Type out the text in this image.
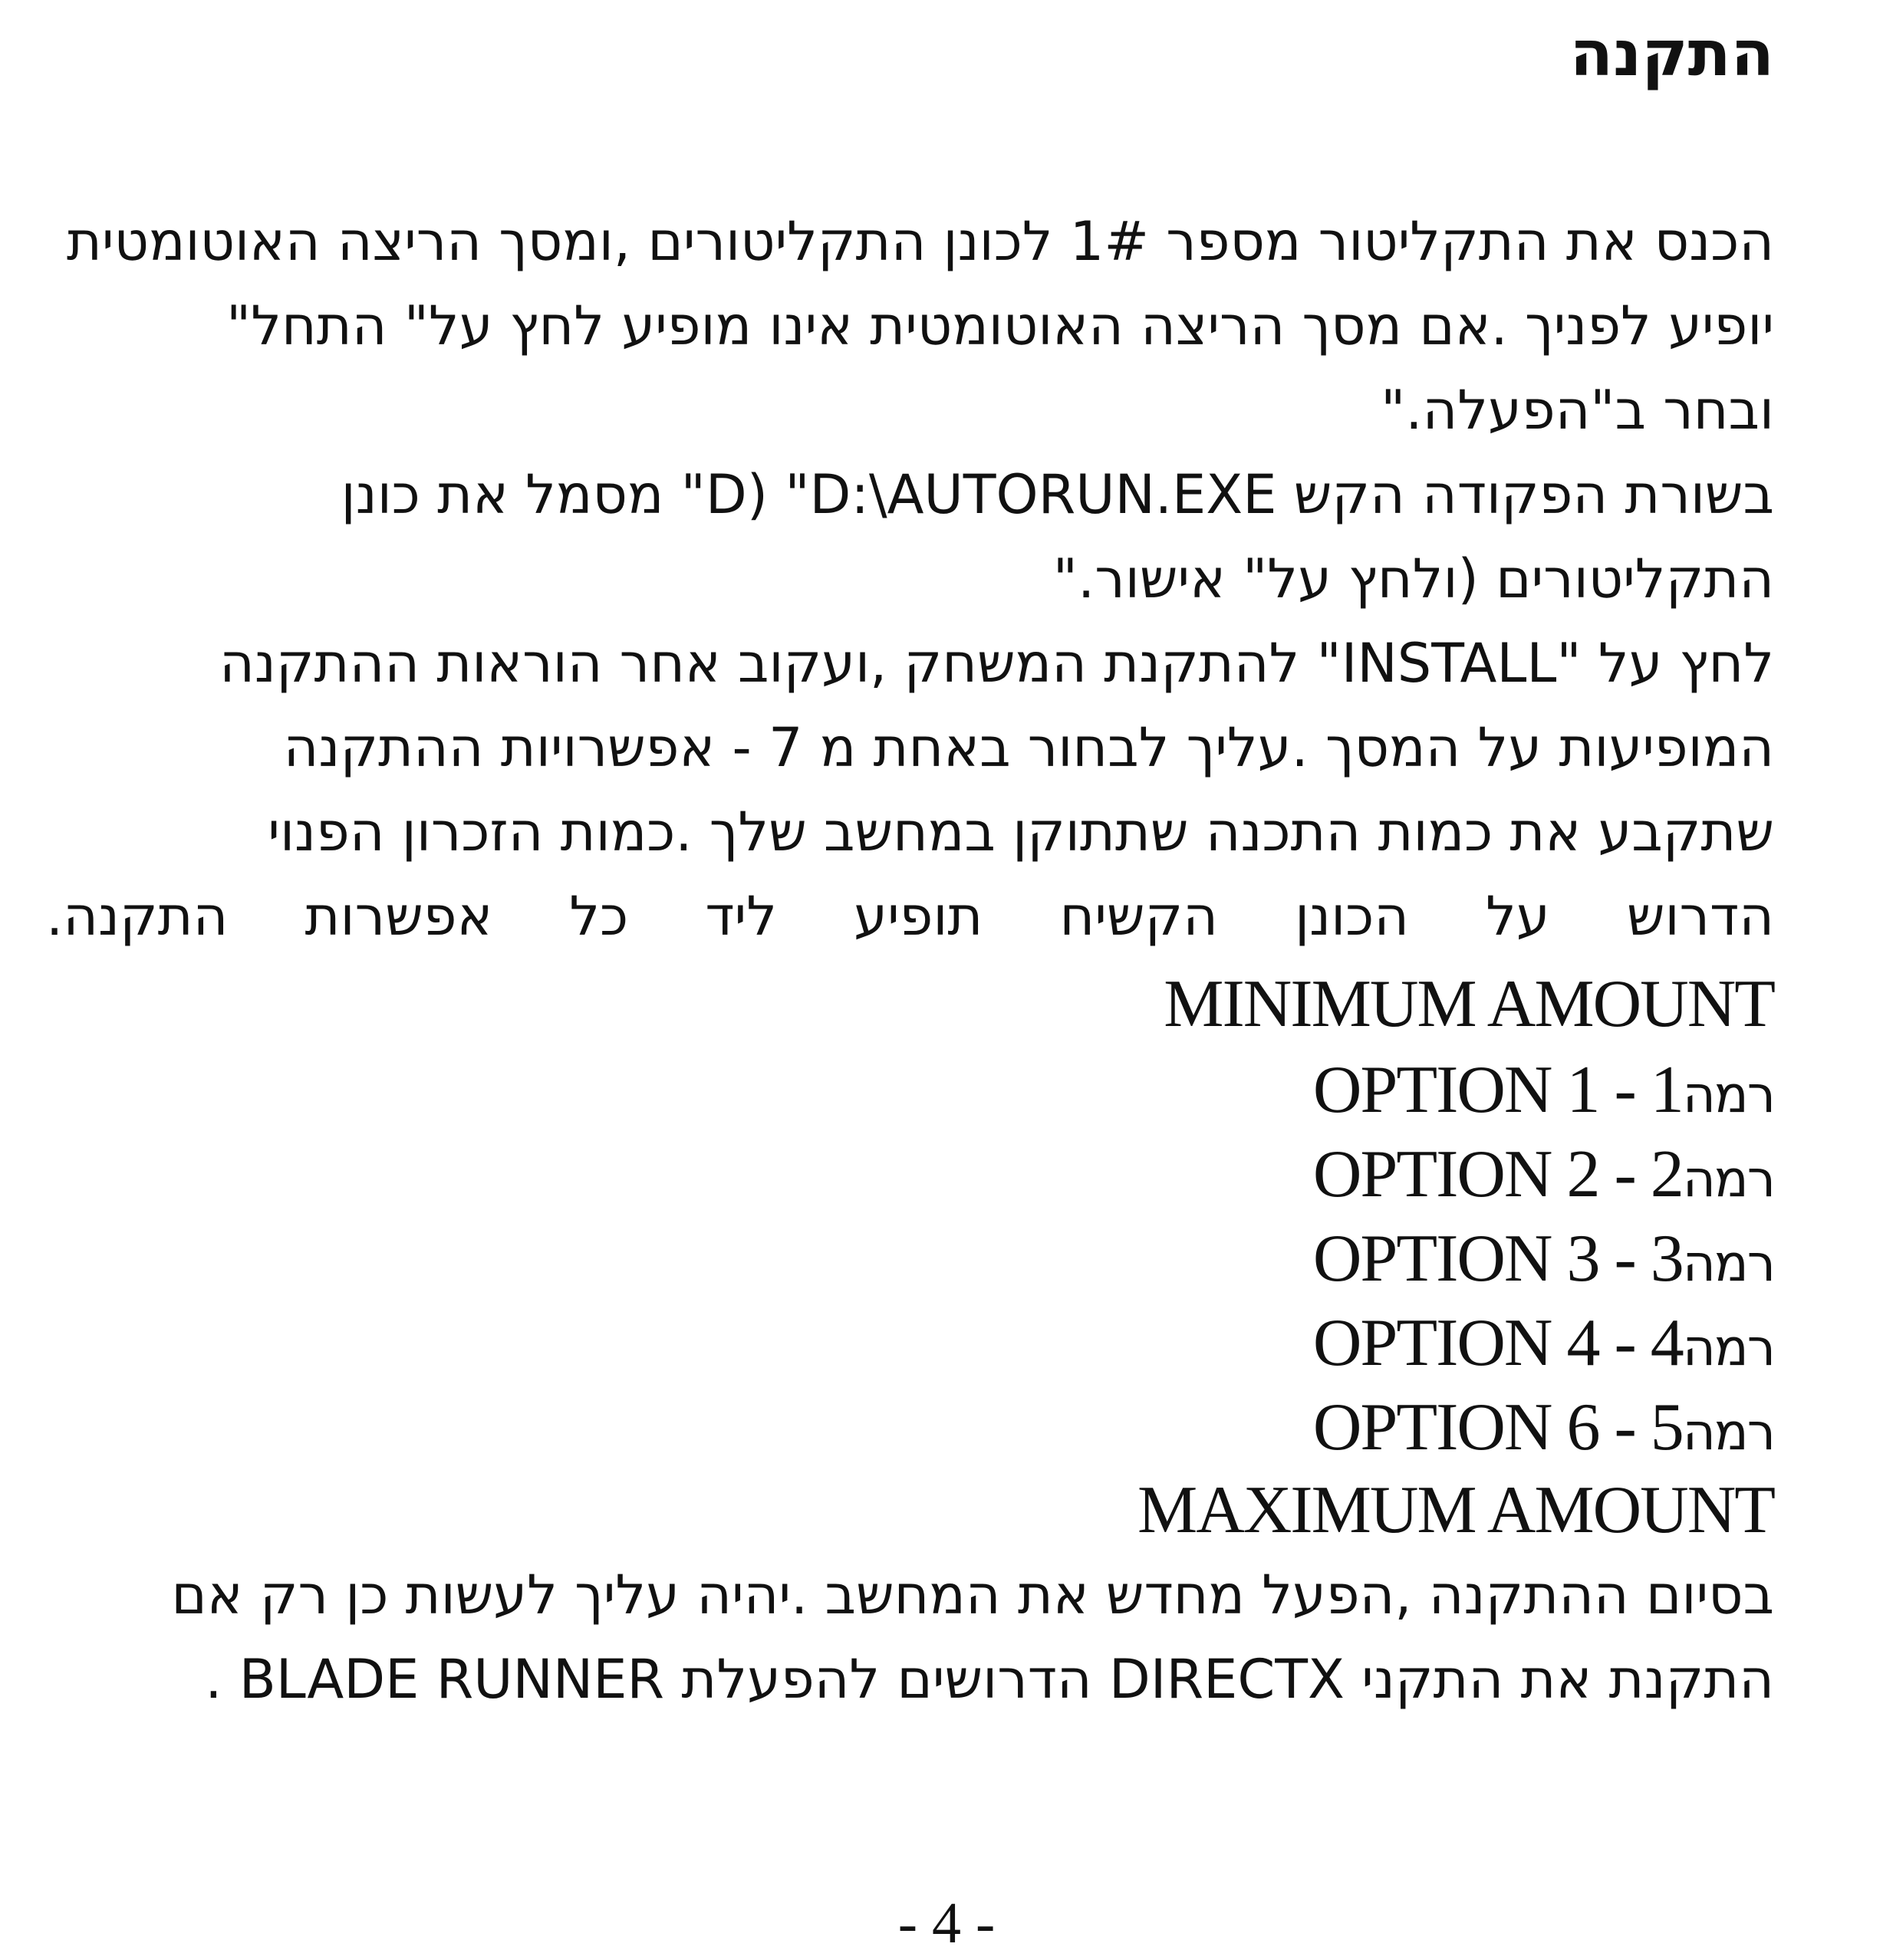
התקנה
הכנס את התקליטור מספר 1# לכונן התקליטורים ,ומסך הריצה האוטומטית
יופיע לפניך .אם מסך הריצה האוטומטית אינו מופיע לחץ על" התחל"
ובחר ב"הפעלה."
בשורת הפקודה הקש D) "D:\AUTORUN.EXE" מסמל את כונן
התקליטורים (ולחץ על" אישור."
לחץ על "INSTALL" להתקנת המשחק ,ועקוב אחר הוראות ההתקנה
המופיעות על המסך .עליך לבחור באחת מ 7 - אפשרויות ההתקנה
שתקבע את כמות התכנה שתתוקן במחשב שלך .כמות הזכרון הפנוי
הדרוש על הכונן הקשיח תופיע ליד כל אפשרות התקנה.
MINIMUM AMOUNT
רמה1 - OPTION 1
רמה2 - OPTION 2
רמה3 - OPTION 3
רמה4 - OPTION 4
רמה5 - OPTION 6
MAXIMUM AMOUNT
בסיום ההתקנה ,הפעל מחדש את המחשב .יהיה עליך לעשות כן רק אם
התקנת את התקני DIRECTX הדרושים להפעלת BLADE RUNNER .
- 4 -
